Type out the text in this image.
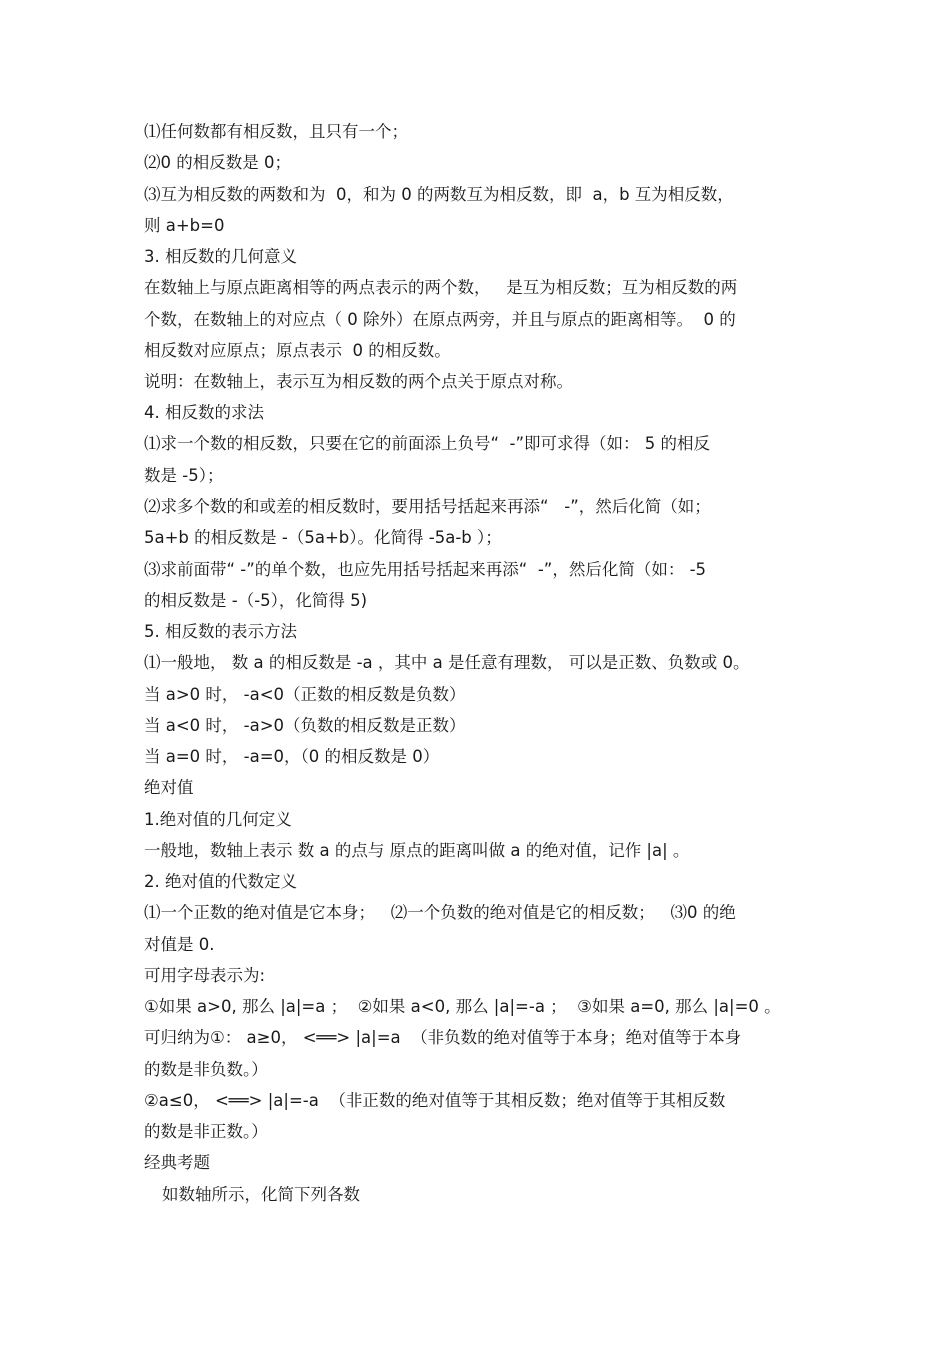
⑴任何数都有相反数，且只有一个；
⑵0 的相反数是 0；
⑶互为相反数的两数和为  0，和为 0 的两数互为相反数，即  a，b 互为相反数，
则 a+b=0
3. 相反数的几何意义
在数轴上与原点距离相等的两点表示的两个数，   是互为相反数；互为相反数的两
个数，在数轴上的对应点（ 0 除外）在原点两旁，并且与原点的距离相等。  0 的
相反数对应原点；原点表示  0 的相反数。
说明：在数轴上，表示互为相反数的两个点关于原点对称。
4. 相反数的求法
⑴求一个数的相反数，只要在它的前面添上负号“  -”即可求得（如： 5 的相反
数是 -5）；
⑵求多个数的和或差的相反数时，要用括号括起来再添“   -”，然后化简（如；
5a+b 的相反数是 -（5a+b）。化简得 -5a-b ）；
⑶求前面带“ -”的单个数，也应先用括号括起来再添“  -”，然后化简（如： -5
的相反数是 -（-5），化简得 5)
5. 相反数的表示方法
⑴一般地， 数 a 的相反数是 -a ，其中 a 是任意有理数， 可以是正数、负数或 0。
当 a>0 时， -a<0（正数的相反数是负数）
当 a<0 时， -a>0（负数的相反数是正数）
当 a=0 时， -a=0，（0 的相反数是 0）
绝对值
1.绝对值的几何定义
一般地，数轴上表示 数 a 的点与 原点的距离叫做 a 的绝对值，记作 |a| 。
2. 绝对值的代数定义
⑴一个正数的绝对值是它本身；   ⑵一个负数的绝对值是它的相反数；   ⑶0 的绝
对值是 0.
可用字母表示为:
①如果 a>0, 那么 |a|=a ；  ②如果 a<0, 那么 |a|=-a ；  ③如果 a=0, 那么 |a|=0 。
可归纳为①： a≥0， <══> |a|=a  （非负数的绝对值等于本身；绝对值等于本身
的数是非负数。）
②a≤0， <══> |a|=-a  （非正数的绝对值等于其相反数；绝对值等于其相反数
的数是非正数。）
经典考题
如数轴所示，化简下列各数
